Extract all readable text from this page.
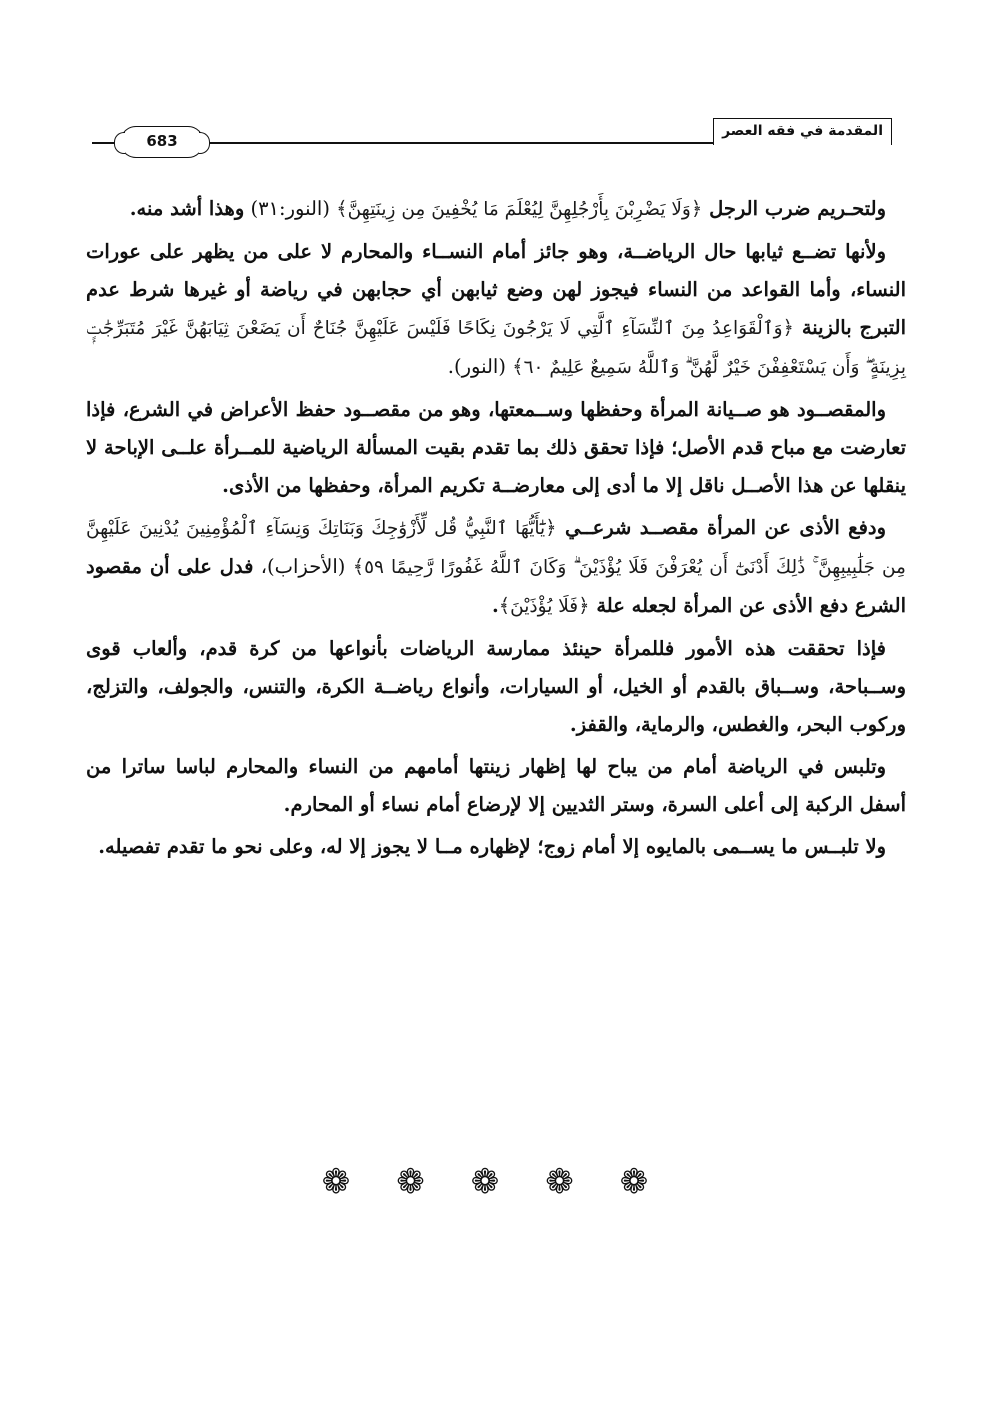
683
المقدمة في فقه العصر

ولتحـريم ضرب الرجل ﴿وَلَا يَضْرِبْنَ بِأَرْجُلِهِنَّ لِيُعْلَمَ مَا يُخْفِينَ مِن زِينَتِهِنَّ﴾ (النور:٣١) وهذا أشد منه.

ولأنها تضــع ثيابها حال الرياضــة، وهو جائز أمام النســاء والمحارم لا على من يظهر على عورات النساء، وأما القواعد من النساء فيجوز لهن وضع ثيابهن أي حجابهن في رياضة أو غيرها شرط عدم التبرج بالزينة ﴿وَٱلْقَوَاعِدُ مِنَ ٱلنِّسَآءِ ٱلَّتِي لَا يَرْجُونَ نِكَاحًا فَلَيْسَ عَلَيْهِنَّ جُنَاحٌ أَن يَضَعْنَ ثِيَابَهُنَّ غَيْرَ مُتَبَرِّجَٰتٍۭ بِزِينَةٍ ۖ وَأَن يَسْتَعْفِفْنَ خَيْرٌ لَّهُنَّ ۗ وَٱللَّهُ سَمِيعٌ عَلِيمٌ ٦٠﴾ (النور).

والمقصــود هو صــيانة المرأة وحفظها وســمعتها، وهو من مقصــود حفظ الأعراض في الشرع، فإذا تعارضت مع مباح قدم الأصل؛ فإذا تحقق ذلك بما تقدم بقيت المسألة الرياضية للمــرأة علــى الإباحة لا ينقلها عن هذا الأصــل ناقل إلا ما أدى إلى معارضــة تكريم المرأة، وحفظها من الأذى.

ودفع الأذى عن المرأة مقصــد شرعــي ﴿يَٰٓأَيُّهَا ٱلنَّبِيُّ قُل لِّأَزْوَٰجِكَ وَبَنَاتِكَ وَنِسَآءِ ٱلْمُؤْمِنِينَ يُدْنِينَ عَلَيْهِنَّ مِن جَلَٰبِيبِهِنَّ ۚ ذَٰلِكَ أَدْنَىٰٓ أَن يُعْرَفْنَ فَلَا يُؤْذَيْنَ ۗ وَكَانَ ٱللَّهُ غَفُورًا رَّحِيمًا ٥٩﴾ (الأحزاب)، فدل على أن مقصود الشرع دفع الأذى عن المرأة لجعله علة ﴿فَلَا يُؤْذَيْنَ﴾.

فإذا تحققت هذه الأمور فللمرأة حينئذ ممارسة الرياضات بأنواعها من كرة قدم، وألعاب قوى وســباحة، وســباق بالقدم أو الخيل، أو السيارات، وأنواع رياضــة الكرة، والتنس، والجولف، والتزلج، وركوب البحر، والغطس، والرماية، والقفز.

وتلبس في الرياضة أمام من يباح لها إظهار زينتها أمامهم من النساء والمحارم لباسا ساترا من أسفل الركبة إلى أعلى السرة، وستر الثديين إلا لإرضاع أمام نساء أو المحارم.

ولا تلبــس ما يســمى بالمايوه إلا أمام زوج؛ لإظهاره مــا لا يجوز إلا له، وعلى نحو ما تقدم تفصيله.

❁ ❁ ❁ ❁ ❁
